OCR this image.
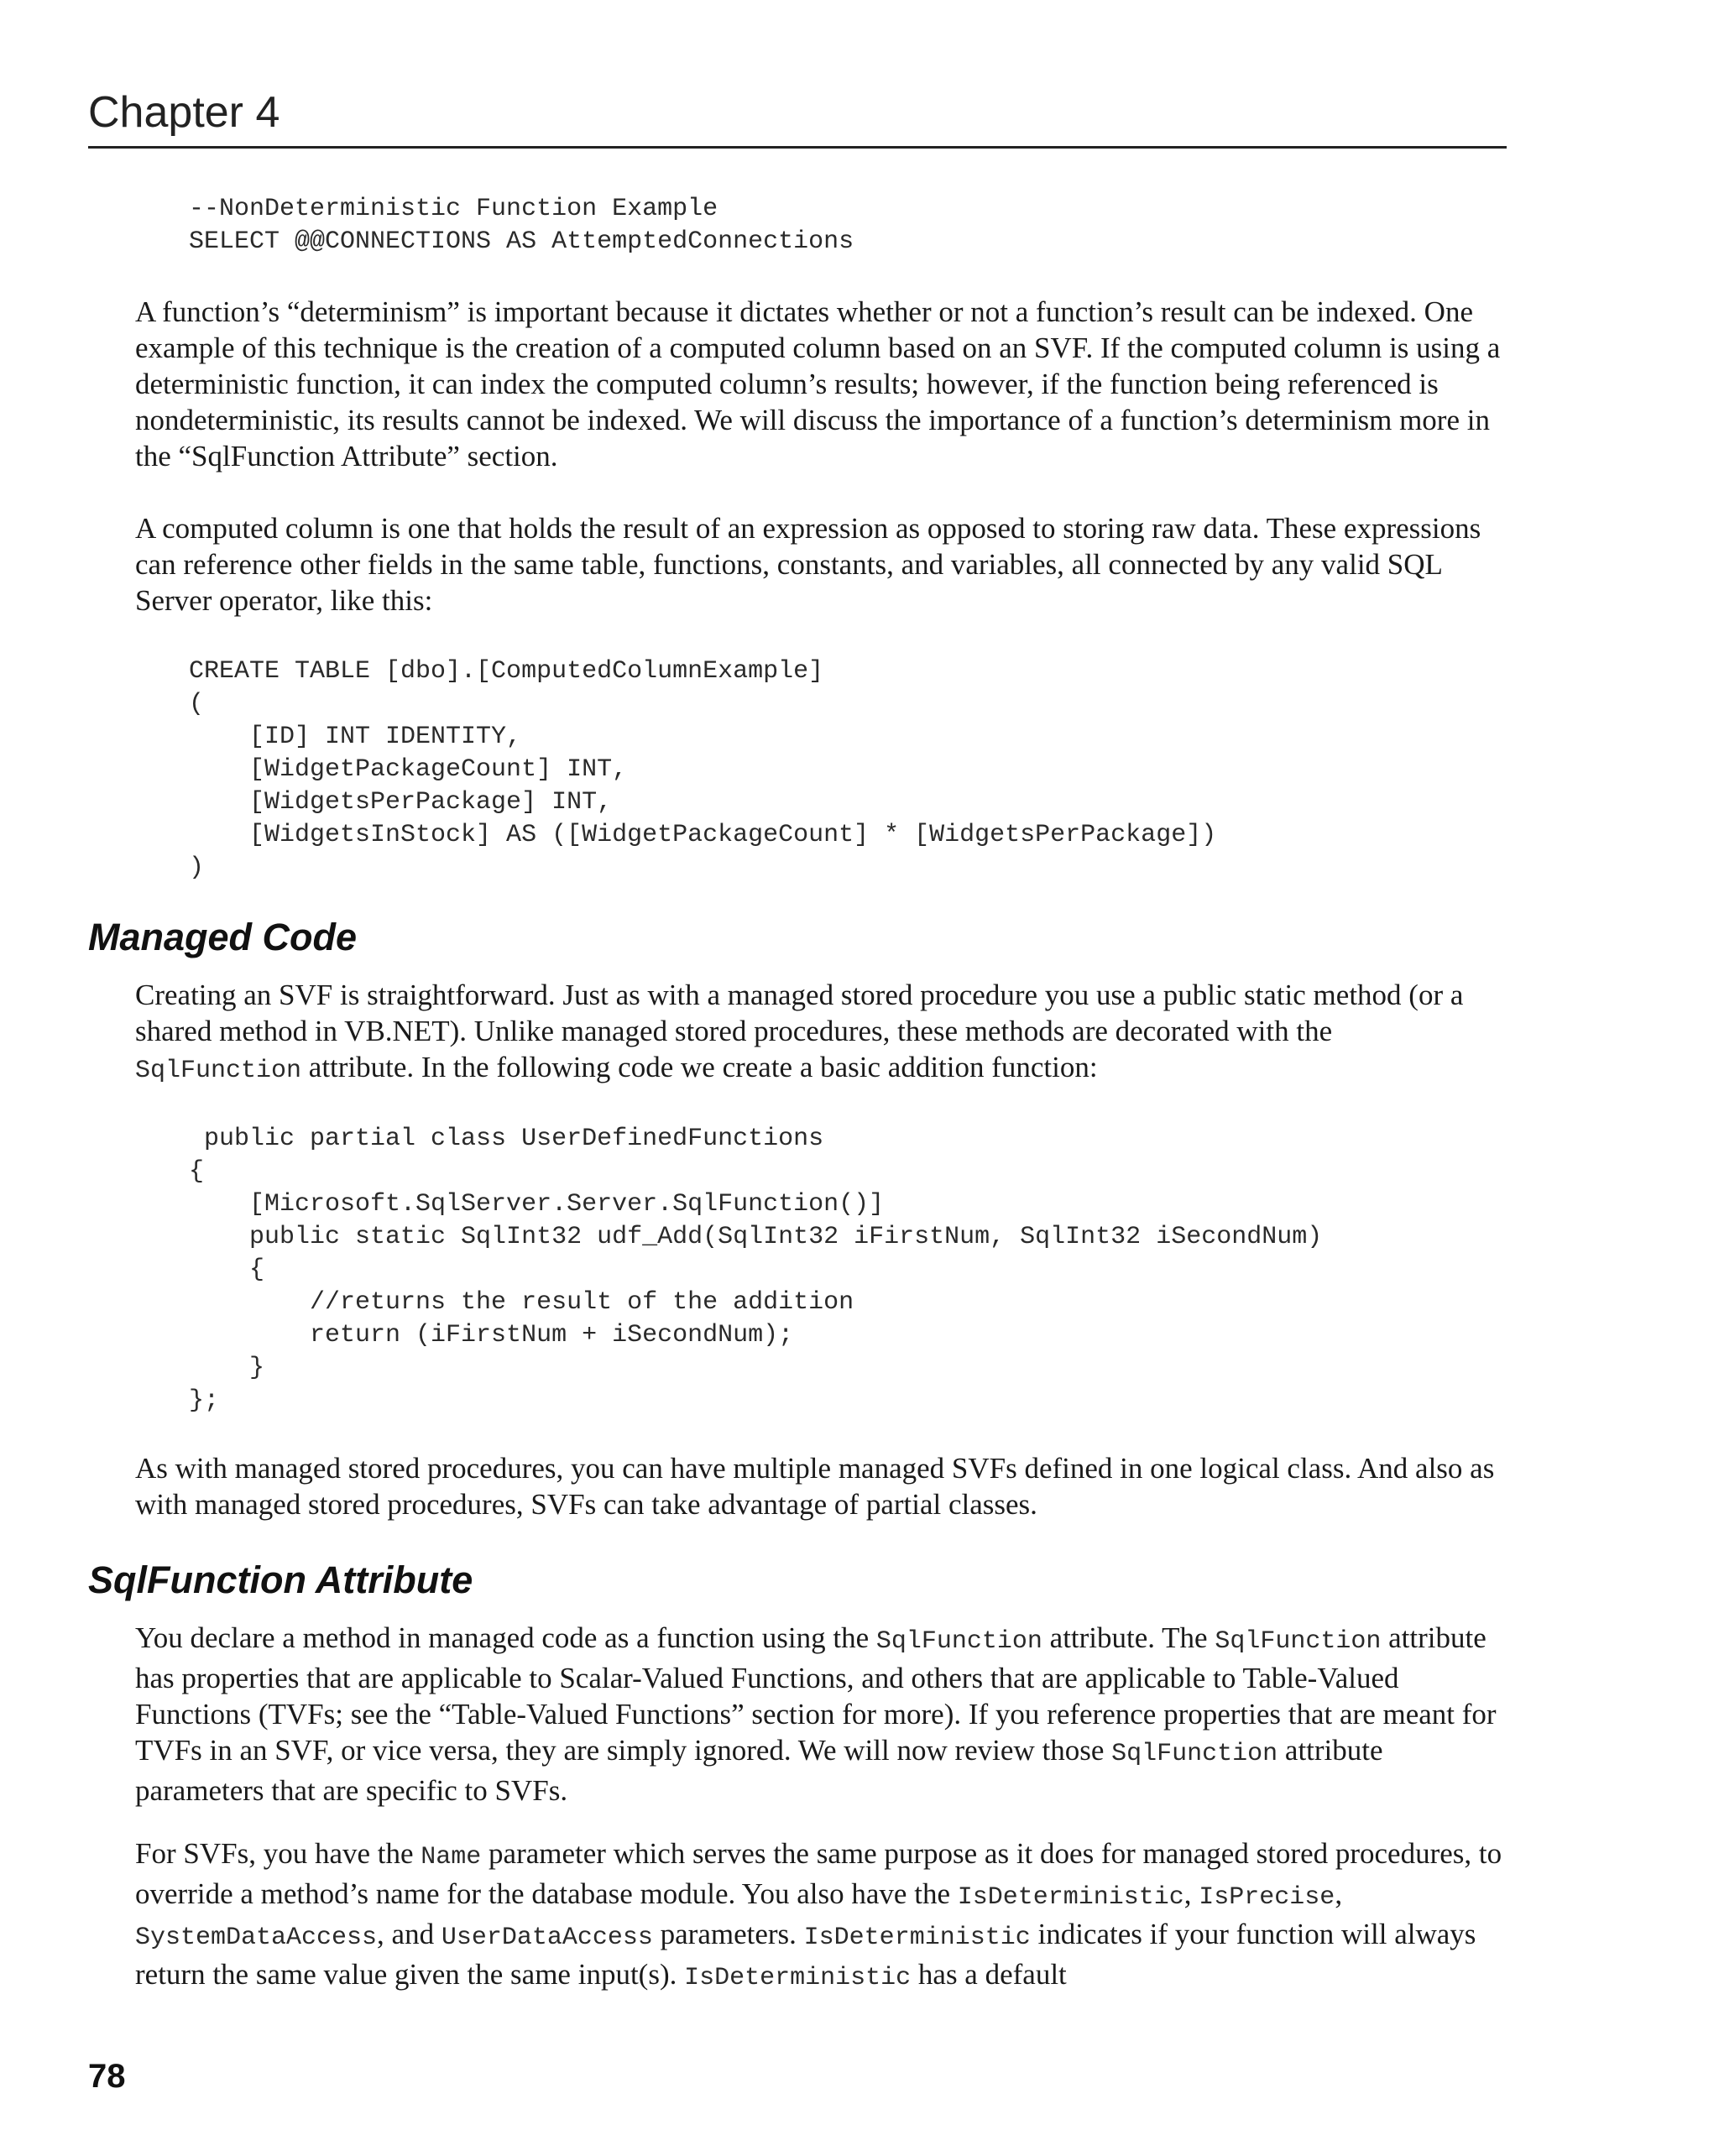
Chapter 4
--NonDeterministic Function Example
SELECT @@CONNECTIONS AS AttemptedConnections
A function’s “determinism” is important because it dictates whether or not a function’s result can be indexed. One example of this technique is the creation of a computed column based on an SVF. If the computed column is using a deterministic function, it can index the computed column’s results; however, if the function being referenced is nondeterministic, its results cannot be indexed. We will discuss the importance of a function’s determinism more in the “SqlFunction Attribute” section.
A computed column is one that holds the result of an expression as opposed to storing raw data. These expressions can reference other fields in the same table, functions, constants, and variables, all connected by any valid SQL Server operator, like this:
CREATE TABLE [dbo].[ComputedColumnExample]
(
[ID] INT IDENTITY,
[WidgetPackageCount] INT,
[WidgetsPerPackage] INT,
[WidgetsInStock] AS ([WidgetPackageCount] * [WidgetsPerPackage])
)
Managed Code
Creating an SVF is straightforward. Just as with a managed stored procedure you use a public static method (or a shared method in VB.NET). Unlike managed stored procedures, these methods are decorated with the SqlFunction attribute. In the following code we create a basic addition function:
public partial class UserDefinedFunctions
{
[Microsoft.SqlServer.Server.SqlFunction()]
public static SqlInt32 udf_Add(SqlInt32 iFirstNum, SqlInt32 iSecondNum)
{
//returns the result of the addition
return (iFirstNum + iSecondNum);
}
};
As with managed stored procedures, you can have multiple managed SVFs defined in one logical class. And also as with managed stored procedures, SVFs can take advantage of partial classes.
SqlFunction Attribute
You declare a method in managed code as a function using the SqlFunction attribute. The SqlFunction attribute has properties that are applicable to Scalar-Valued Functions, and others that are applicable to Table-Valued Functions (TVFs; see the “Table-Valued Functions” section for more). If you reference properties that are meant for TVFs in an SVF, or vice versa, they are simply ignored. We will now review those SqlFunction attribute parameters that are specific to SVFs.
For SVFs, you have the Name parameter which serves the same purpose as it does for managed stored procedures, to override a method’s name for the database module. You also have the IsDeterministic, IsPrecise, SystemDataAccess, and UserDataAccess parameters. IsDeterministic indicates if your function will always return the same value given the same input(s). IsDeterministic has a default
78
